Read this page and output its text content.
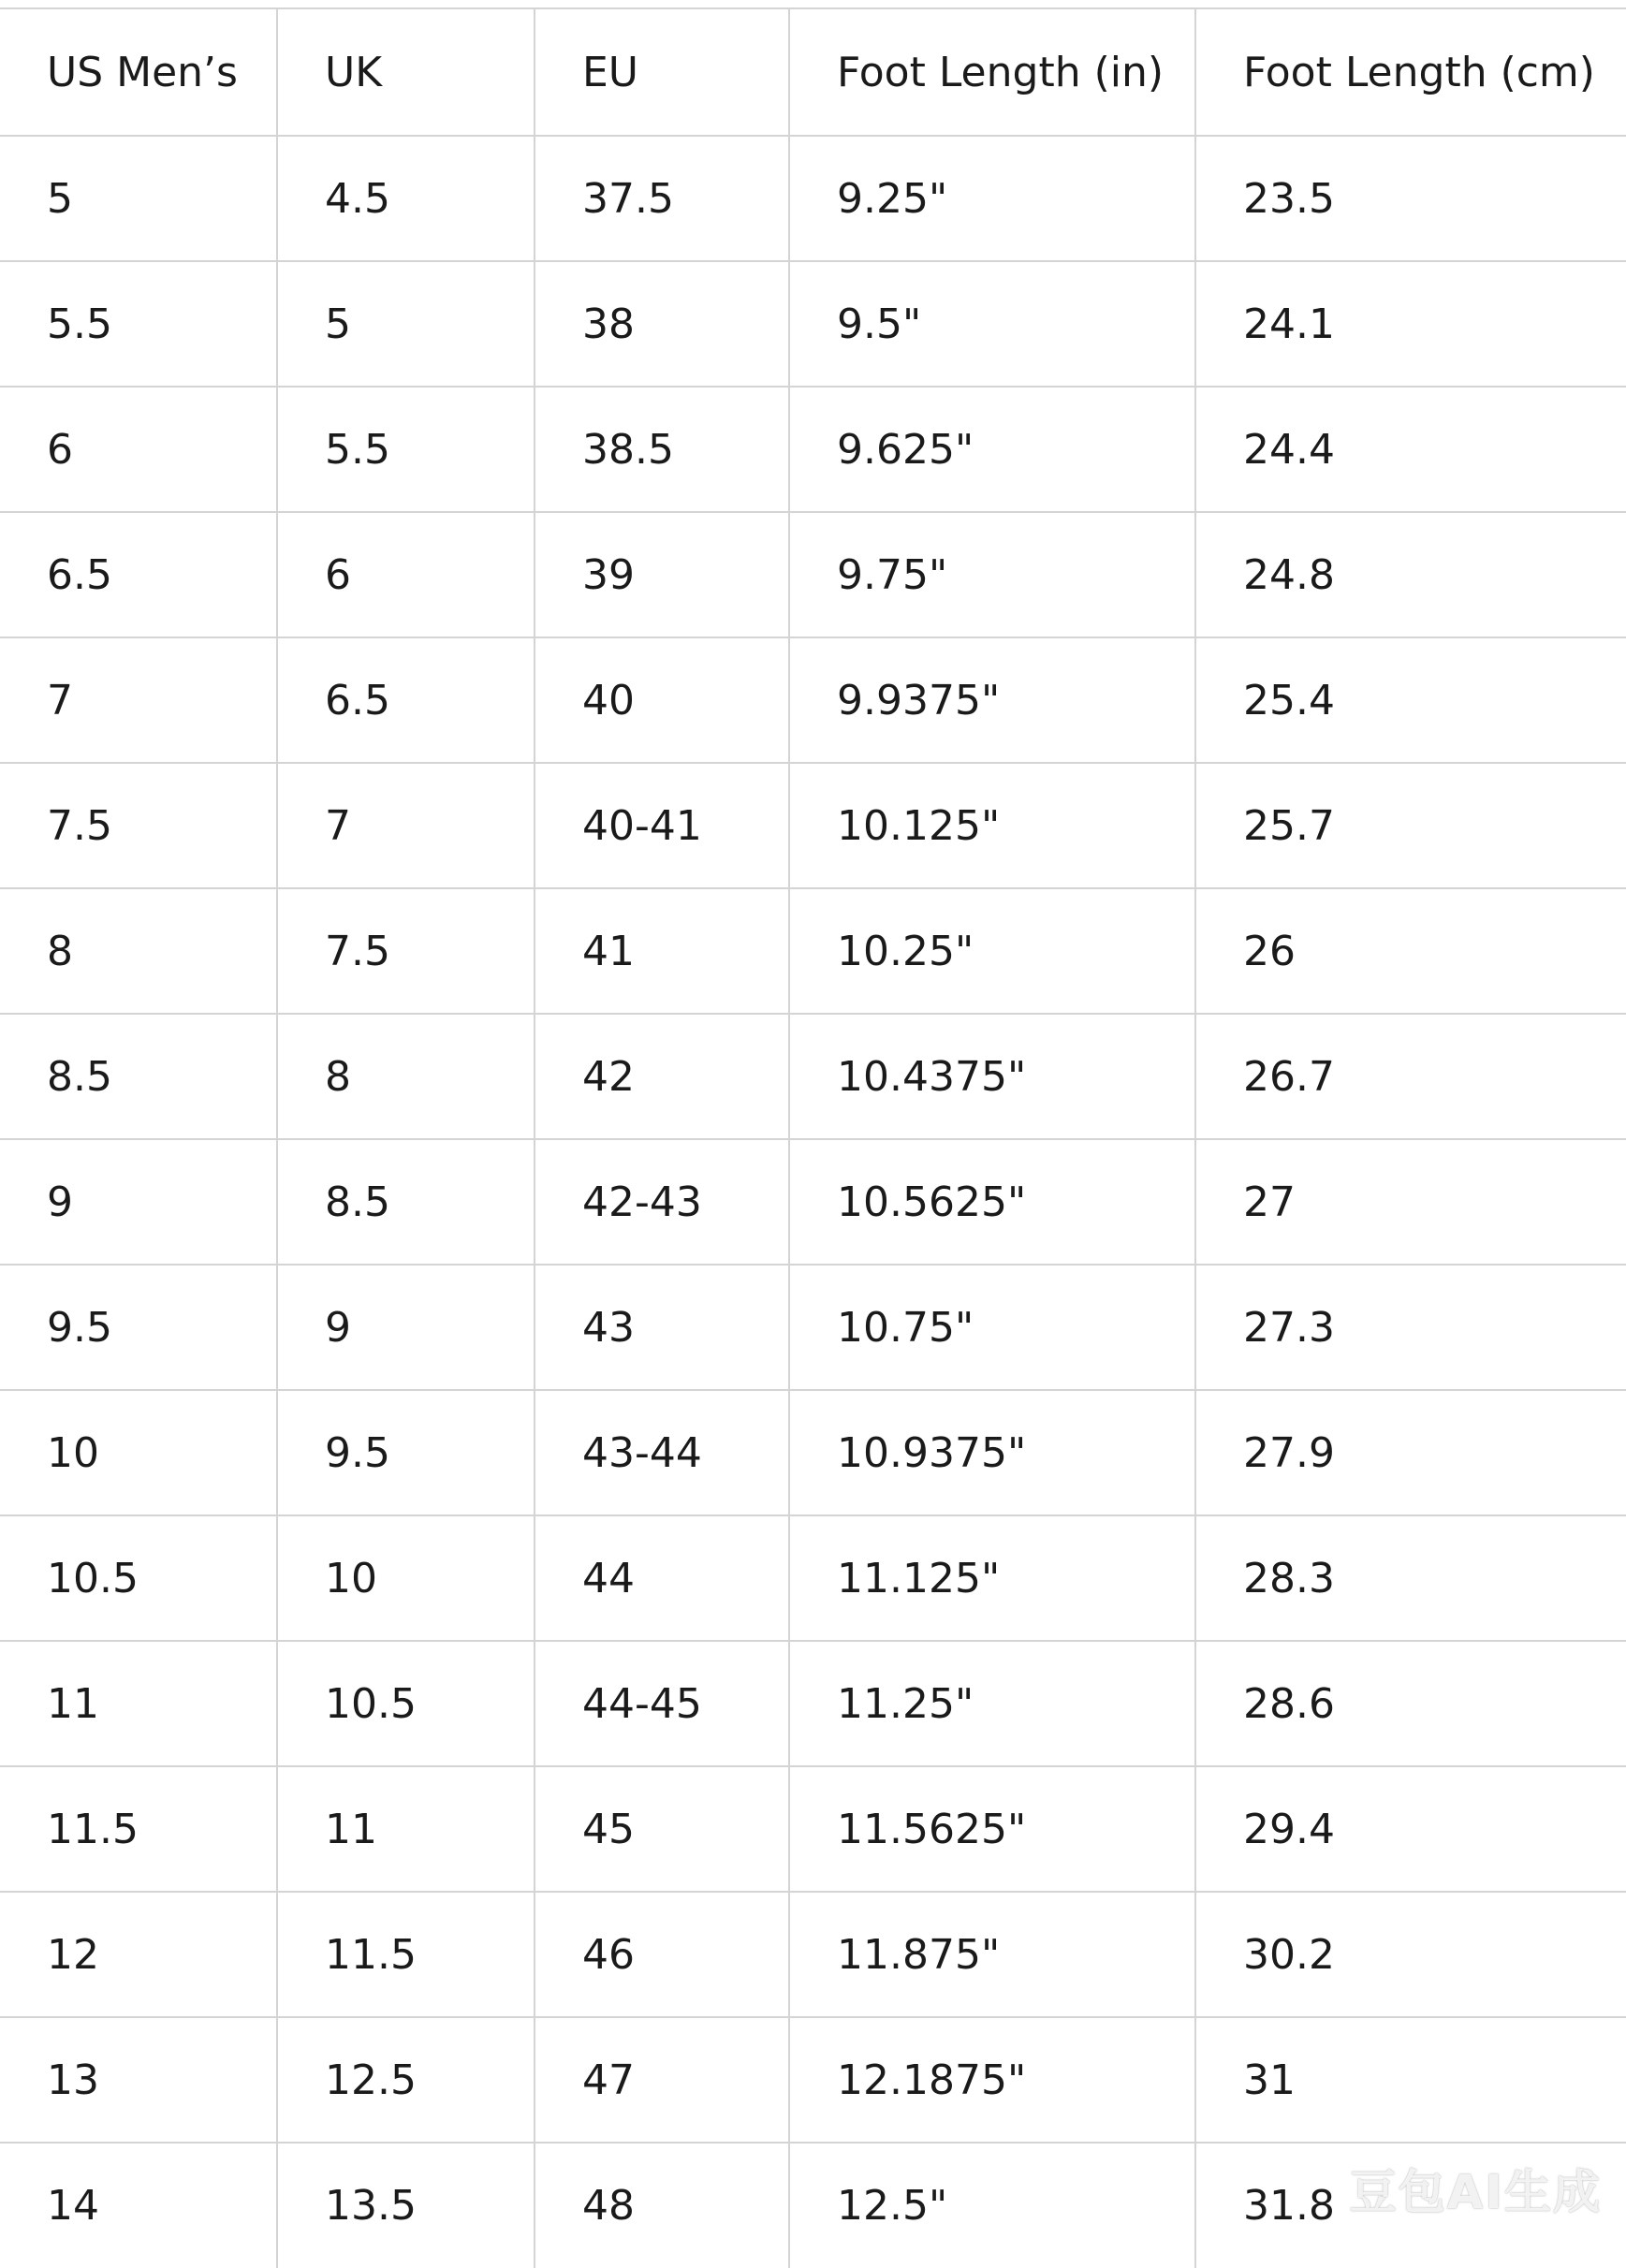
US Men’s	UK	EU	Foot Length (in)	Foot Length (cm)
5	4.5	37.5	9.25"	23.5
5.5	5	38	9.5"	24.1
6	5.5	38.5	9.625"	24.4
6.5	6	39	9.75"	24.8
7	6.5	40	9.9375"	25.4
7.5	7	40-41	10.125"	25.7
8	7.5	41	10.25"	26
8.5	8	42	10.4375"	26.7
9	8.5	42-43	10.5625"	27
9.5	9	43	10.75"	27.3
10	9.5	43-44	10.9375"	27.9
10.5	10	44	11.125"	28.3
11	10.5	44-45	11.25"	28.6
11.5	11	45	11.5625"	29.4
12	11.5	46	11.875"	30.2
13	12.5	47	12.1875"	31
14	13.5	48	12.5"	31.8 豆包AI生成
